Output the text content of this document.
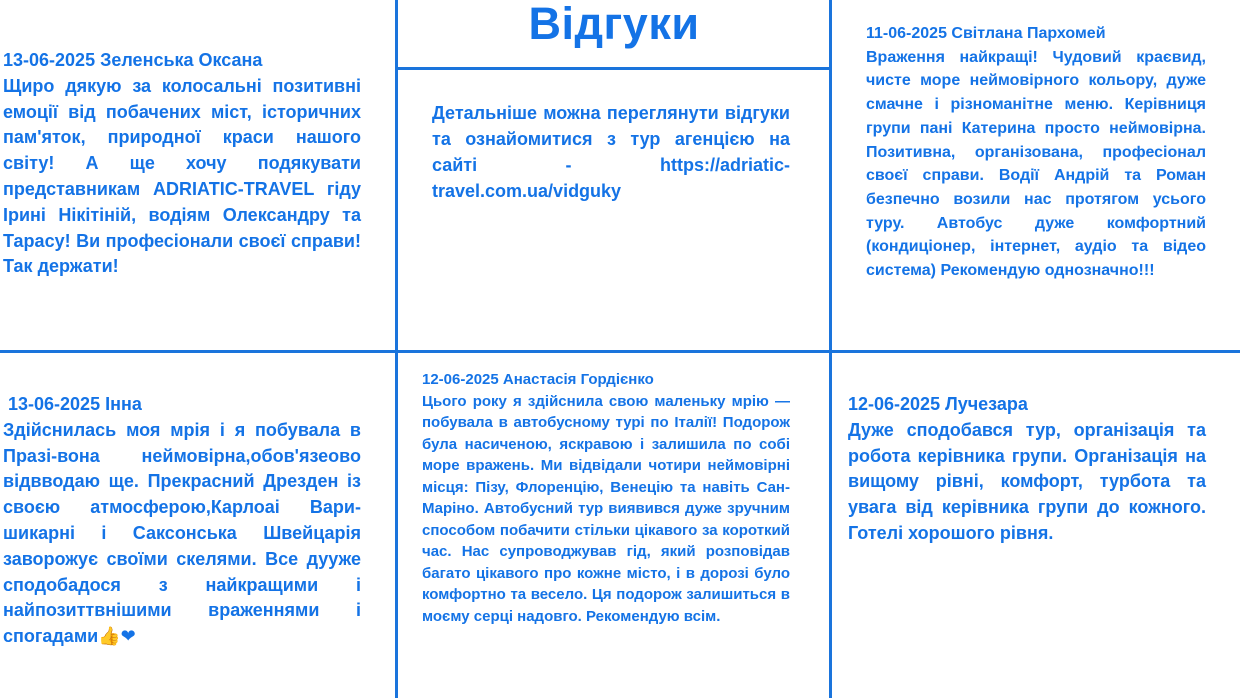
Відгуки

Детальніше можна переглянути відгуки та ознайомитися з тур агенцією на сайті - https://adriatic-travel.com.ua/vidguky

13-06-2025 Зеленська Оксана

Щиро дякую за колосальні позитивні емоції від побачених міст, історичних пам'яток, природної краси нашого світу! А ще хочу подякувати представникам ADRIATIC-TRAVEL гіду Ірині Нікітіній, водіям Олександру та Тарасу! Ви професіонали своєї справи! Так держати!

11-06-2025 Світлана Пархомей

Враження найкращі! Чудовий краєвид, чисте море неймовірного кольору, дуже смачне і різноманітне меню. Керівниця групи пані Катерина просто неймовірна. Позитивна, організована, професіонал своєї справи. Водії Андрій та Роман безпечно возили нас протягом усього туру. Автобус дуже комфортний (кондиціонер, інтернет, аудіо та відео система) Рекомендую однозначно!!!

13-06-2025 Інна

Здійснилась моя мрія і я побувала в Празі-вона неймовірна,обов'язеово відвводаю ще. Прекрасний Дрезден із своєю атмосферою,Карлоаі Вари- шикарні і Саксонська Швейцарія заворожує своїми скелями. Все дууже сподобадося з найкращими і найпозиттвнішими враженнями і спогадами👍❤

12-06-2025 Анастасія Гордієнко

Цього року я здійснила свою маленьку мрію — побувала в автобусному турі по Італії! Подорож була насиченою, яскравою і залишила по собі море вражень. Ми відвідали чотири неймовірні місця: Пізу, Флоренцію, Венецію та навіть Сан-Маріно. Автобусний тур виявився дуже зручним способом побачити стільки цікавого за короткий час. Нас супроводжував гід, який розповідав багато цікавого про кожне місто, і в дорозі було комфортно та весело. Ця подорож залишиться в моєму серці надовго. Рекомендую всім.

12-06-2025 Лучезара

Дуже сподобався тур, організація та робота керівника групи. Організація на вищому рівні, комфорт, турбота та увага від керівника групи до кожного. Готелі хорошого рівня.
